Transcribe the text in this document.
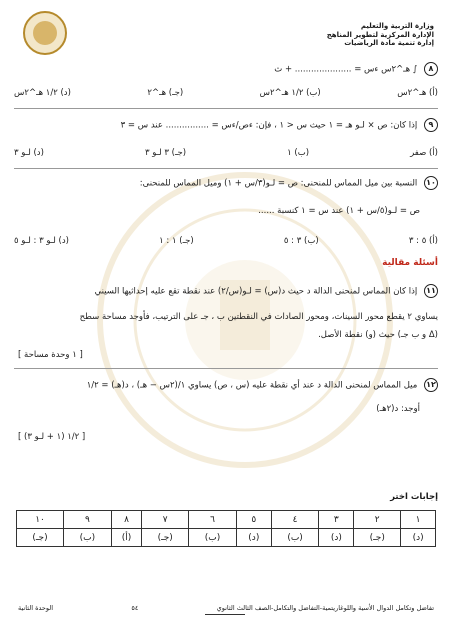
وزارة التربية والتعليم
الإدارة المركزية لتطوير المناهج
إدارة تنمية مادة الرياضيات
٨ ∫ هـ^٢س ءس = ..................... + ث
(أ) هـ^٢س
(ب) ١/٢ هـ^٢س
(جـ) هـ^٢
(د) ١/٢ هـ^٢س
٩ إذا كان: ص × لـو هـ = ١ حيث س < ١ ، فإن: ءص/ءس = ................ عند س = ٣
(أ) صفر
(ب) ١
(جـ) ٣ لـو ٣
(د) لـو ٣
١٠ النسبة بين ميل المماس للمنحنى: ص = لـو(٣/س + ١) وميل المماس للمنحنى:
ص = لـو(٥/س + ١) عند س = ١ كنسبة ......
(أ) ٥ : ٣
(ب) ٣ : ٥
(جـ) ١ : ١
(د) لـو ٣ : لـو ٥
أسئلة مقالية
١١ إذا كان المماس لمنحنى الدالة د حيث د(س) = لـو(س/٢) عند نقطة تقع عليه إحداثيها السيني
يساوي ٢ يقطع محور السينات، ومحور الصادات في النقطتين ب ، جـ على الترتيب، فأوجد مساحة سطح
(Δ و ب جـ) حيث (و) نقطة الأصل.
[ ١ وحدة مساحة ]
١٢ ميل المماس لمنحنى الدالة د عند أي نقطة عليه (س ، ص) يساوي ١/(٢س − هـ) ، د(هـ) = ١/٢
أوجد: د(٢هـ)
[ ١/٢ (١ + لـو ٣) ]
إجابات اختر
١	٢	٣	٤	٥	٦	٧	٨	٩	١٠
(د)	(جـ)	(د)	(ب)	(د)	(ب)	(جـ)	(أ)	(ب)	(جـ)
تفاضل وتكامل الدوال الأسية واللوغاريتمية-التفاضل والتكامل-الصف الثالث الثانوي
٥٤
الوحدة الثانية
